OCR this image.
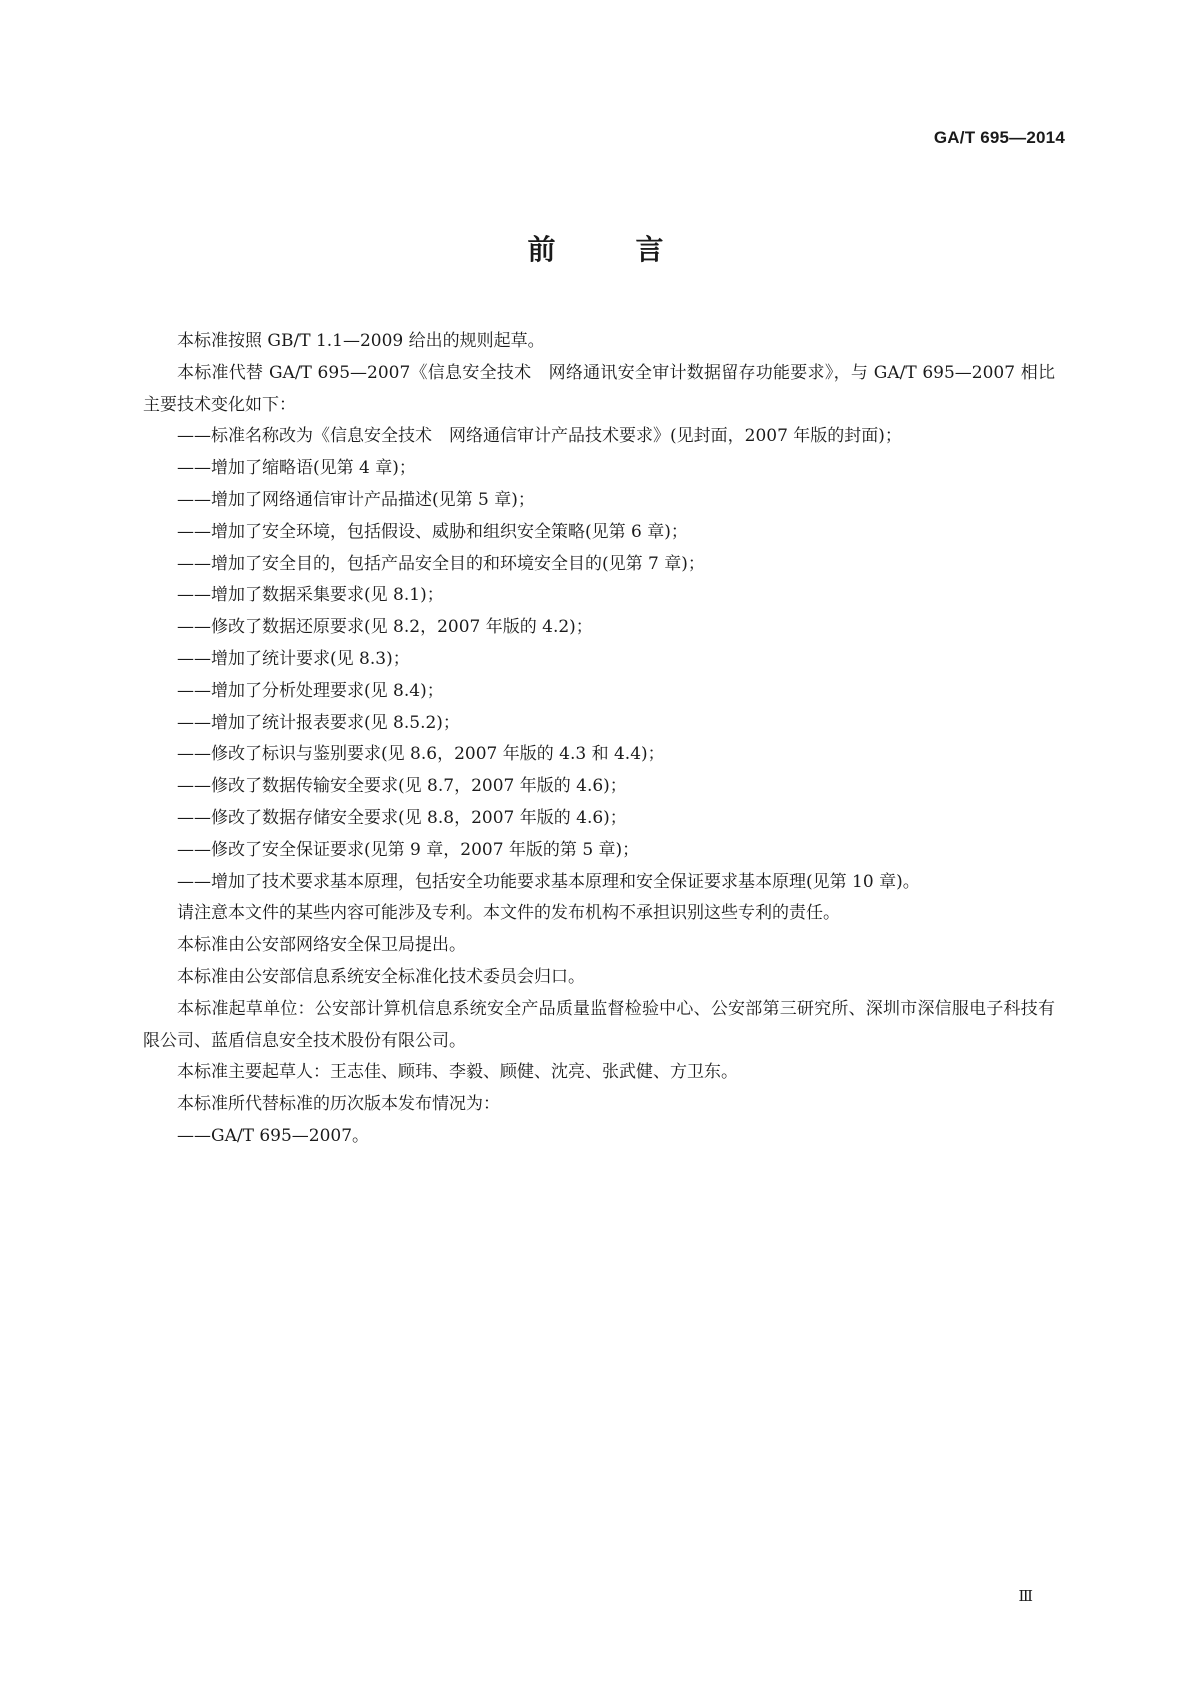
GA/T 695—2014
前	言

本标准按照 GB/T 1.1—2009 给出的规则起草。

本标准代替 GA/T 695—2007《信息安全技术　网络通讯安全审计数据留存功能要求》，与 GA/T 695—2007 相比主要技术变化如下：

——标准名称改为《信息安全技术　网络通信审计产品技术要求》(见封面，2007 年版的封面)；

——增加了缩略语(见第 4 章)；

——增加了网络通信审计产品描述(见第 5 章)；

——增加了安全环境，包括假设、威胁和组织安全策略(见第 6 章)；

——增加了安全目的，包括产品安全目的和环境安全目的(见第 7 章)；

——增加了数据采集要求(见 8.1)；

——修改了数据还原要求(见 8.2，2007 年版的 4.2)；

——增加了统计要求(见 8.3)；

——增加了分析处理要求(见 8.4)；

——增加了统计报表要求(见 8.5.2)；

——修改了标识与鉴别要求(见 8.6，2007 年版的 4.3 和 4.4)；

——修改了数据传输安全要求(见 8.7，2007 年版的 4.6)；

——修改了数据存储安全要求(见 8.8，2007 年版的 4.6)；

——修改了安全保证要求(见第 9 章，2007 年版的第 5 章)；

——增加了技术要求基本原理，包括安全功能要求基本原理和安全保证要求基本原理(见第 10 章)。

请注意本文件的某些内容可能涉及专利。本文件的发布机构不承担识别这些专利的责任。

本标准由公安部网络安全保卫局提出。

本标准由公安部信息系统安全标准化技术委员会归口。

本标准起草单位：公安部计算机信息系统安全产品质量监督检验中心、公安部第三研究所、深圳市深信服电子科技有限公司、蓝盾信息安全技术股份有限公司。

本标准主要起草人：王志佳、顾玮、李毅、顾健、沈亮、张武健、方卫东。

本标准所代替标准的历次版本发布情况为：

——GA/T 695—2007。

Ⅲ
